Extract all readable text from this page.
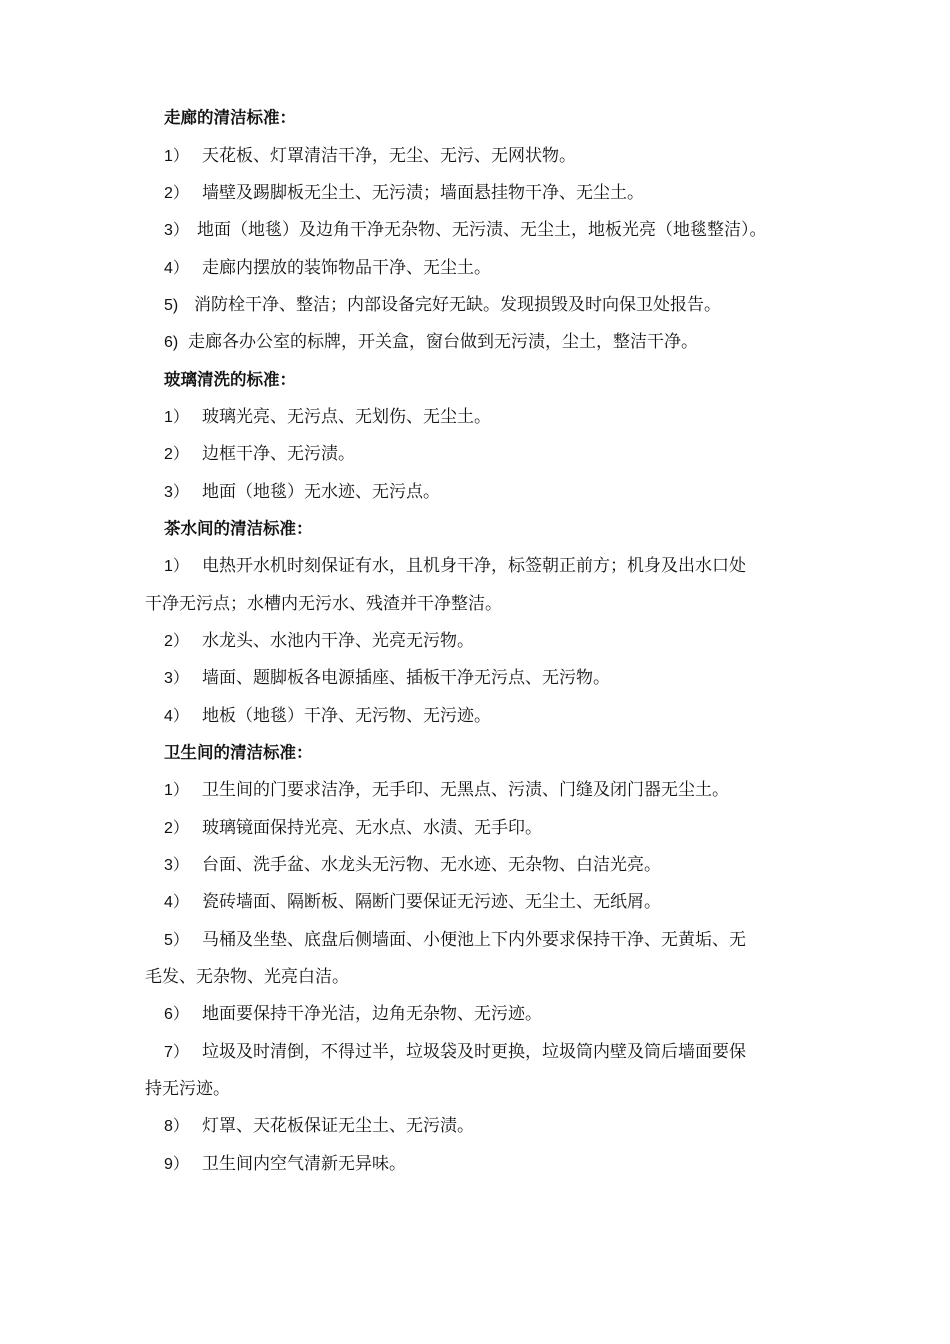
走廊的清洁标准：
1） 天花板、灯罩清洁干净，无尘、无污、无网状物。
2） 墙壁及踢脚板无尘土、无污渍；墙面悬挂物干净、无尘土。
3） 地面（地毯）及边角干净无杂物、无污渍、无尘土，地板光亮（地毯整洁）。
4） 走廊内摆放的装饰物品干净、无尘土。
5) 消防栓干净、整洁；内部设备完好无缺。发现损毁及时向保卫处报告。
6) 走廊各办公室的标牌，开关盒，窗台做到无污渍，尘土，整洁干净。
玻璃清洗的标准：
1） 玻璃光亮、无污点、无划伤、无尘土。
2） 边框干净、无污渍。
3） 地面（地毯）无水迹、无污点。
茶水间的清洁标准：
1） 电热开水机时刻保证有水，且机身干净，标签朝正前方；机身及出水口处
干净无污点；水槽内无污水、残渣并干净整洁。
2） 水龙头、水池内干净、光亮无污物。
3） 墙面、题脚板各电源插座、插板干净无污点、无污物。
4） 地板（地毯）干净、无污物、无污迹。
卫生间的清洁标准：
1） 卫生间的门要求洁净，无手印、无黑点、污渍、门缝及闭门器无尘土。
2） 玻璃镜面保持光亮、无水点、水渍、无手印。
3） 台面、洗手盆、水龙头无污物、无水迹、无杂物、白洁光亮。
4） 瓷砖墙面、隔断板、隔断门要保证无污迹、无尘土、无纸屑。
5） 马桶及坐垫、底盘后侧墙面、小便池上下内外要求保持干净、无黄垢、无
毛发、无杂物、光亮白洁。
6） 地面要保持干净光洁，边角无杂物、无污迹。
7） 垃圾及时清倒，不得过半，垃圾袋及时更换，垃圾筒内壁及筒后墙面要保
持无污迹。
8） 灯罩、天花板保证无尘土、无污渍。
9） 卫生间内空气清新无异味。
